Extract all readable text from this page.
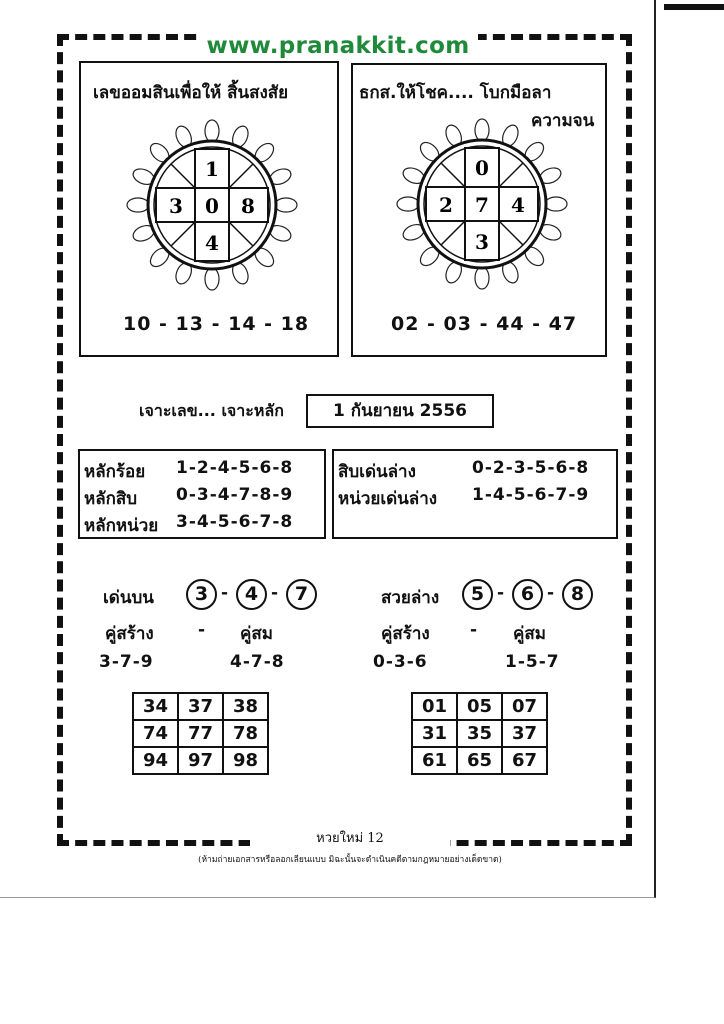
www.pranakkit.com
เลขออมสินเพื่อให้ สิ้นสงสัย
1
3 0 8
4
10 - 13 - 14 - 18
ธกส.ให้โชค.... โบกมือลา
ความจน
0
2 7 4
3
02 - 03 - 44 - 47
เจาะเลข... เจาะหลัก	1 กันยายน 2556
หลักร้อย 1-2-4-5-6-8
หลักสิบ 0-3-4-7-8-9
หลักหน่วย 3-4-5-6-7-8
สิบเด่นล่าง	0-2-3-5-6-8
หน่วยเด่นล่าง 1-4-5-6-7-9
เด่นบน	3 - 4 - 7
คู่สร้าง	- คู่สม
3-7-9	4-7-8
34	37	38
74	77	78
94	97	98
สวยล่าง	5 - 6 - 8
คู่สร้าง - คู่สม
0-3-6	1-5-7
01	05	07
31	35	37
61	65	67
หวยใหม่ 12
(ห้ามถ่ายเอกสารหรือลอกเลียนแบบ มิฉะนั้นจะดำเนินคดีตามกฎหมายอย่างเด็ดขาด)
